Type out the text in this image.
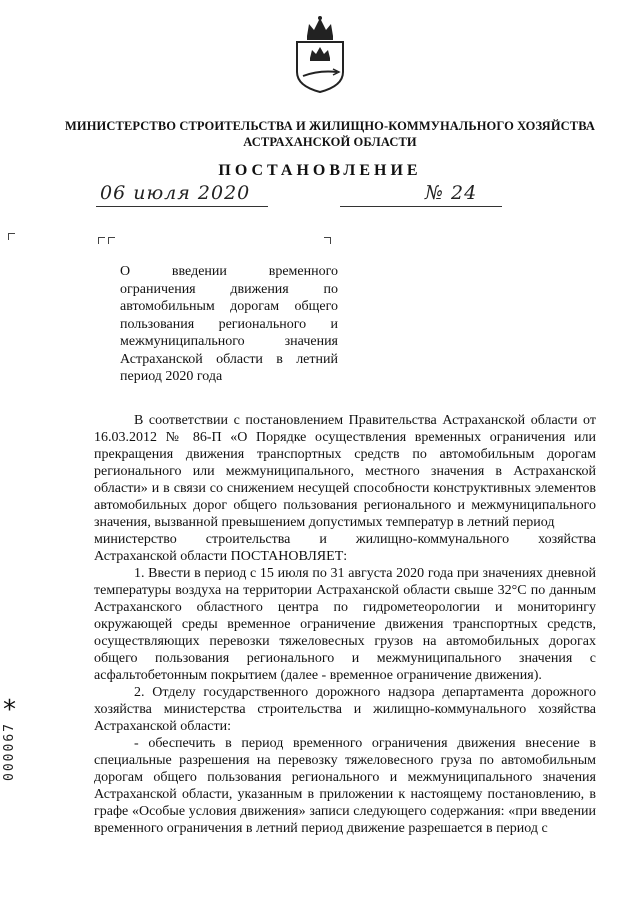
МИНИСТЕРСТВО СТРОИТЕЛЬСТВА И ЖИЛИЩНО-КОММУНАЛЬНОГО ХОЗЯЙСТВА
АСТРАХАНСКОЙ ОБЛАСТИ
ПОСТАНОВЛЕНИЕ
06 июля 2020	№ 24
О введении временного ограничения движения по автомобильным дорогам общего пользования регионального и межмуниципального значения Астраханской области в летний период 2020 года

В соответствии с постановлением Правительства Астраханской области от 16.03.2012 № 86-П «О Порядке осуществления временных ограничения или прекращения движения транспортных средств по автомобильным дорогам регионального или межмуниципального, местного значения в Астраханской области» и в связи со снижением несущей способности конструктивных элементов автомобильных дорог общего пользования регионального и межмуниципального значения, вызванной превышением допустимых температур в летний период

министерство строительства и жилищно-коммунального хозяйства

Астраханской области ПОСТАНОВЛЯЕТ:

1. Ввести в период с 15 июля по 31 августа 2020 года при значениях дневной температуры воздуха на территории Астраханской области свыше 32°С по данным Астраханского областного центра по гидрометеорологии и мониторингу окружающей среды временное ограничение движения транспортных средств, осуществляющих перевозки тяжеловесных грузов на автомобильных дорогах общего пользования регионального и межмуниципального значения с асфальтобетонным покрытием (далее - временное ограничение движения).

2. Отделу государственного дорожного надзора департамента дорожного хозяйства министерства строительства и жилищно-коммунального хозяйства Астраханской области:

- обеспечить в период временного ограничения движения внесение в специальные разрешения на перевозку тяжеловесного груза по автомобильным дорогам общего пользования регионального и межмуниципального значения Астраханской области, указанным в приложении к настоящему постановлению, в графе «Особые условия движения» записи следующего содержания: «при введении временного ограничения в летний период движение разрешается в период с

*
000067
